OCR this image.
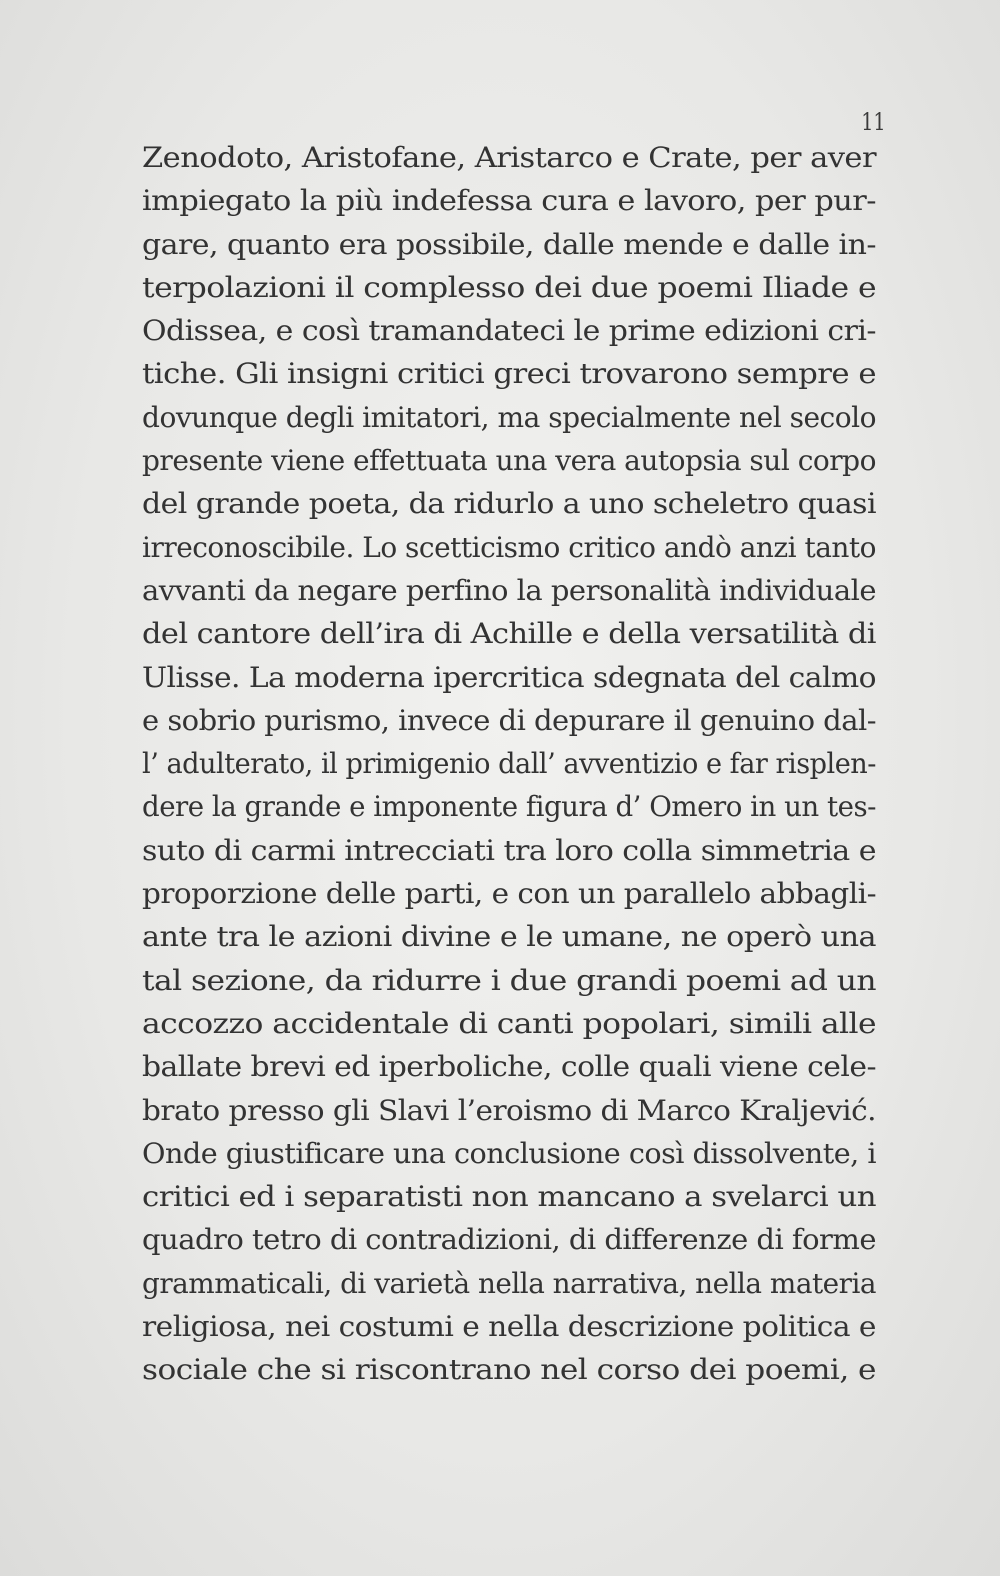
11
Zenodoto, Aristofane, Aristarco e Crate, per aver
impiegato la più indefessa cura e lavoro, per pur-
gare, quanto era possibile, dalle mende e dalle in-
terpolazioni il complesso dei due poemi Iliade e
Odissea, e così tramandateci le prime edizioni cri-
tiche. Gli insigni critici greci trovarono sempre e
dovunque degli imitatori, ma specialmente nel secolo
presente viene effettuata una vera autopsia sul corpo
del grande poeta, da ridurlo a uno scheletro quasi
irreconoscibile. Lo scetticismo critico andò anzi tanto
avvanti da negare perfino la personalità individuale
del cantore dell’ira di Achille e della versatilità di
Ulisse. La moderna ipercritica sdegnata del calmo
e sobrio purismo, invece di depurare il genuino dal-
l’ adulterato, il primigenio dall’ avventizio e far risplen-
dere la grande e imponente figura d’ Omero in un tes-
suto di carmi intrecciati tra loro colla simmetria e
proporzione delle parti, e con un parallelo abbagli-
ante tra le azioni divine e le umane, ne operò una
tal sezione, da ridurre i due grandi poemi ad un
accozzo accidentale di canti popolari, simili alle
ballate brevi ed iperboliche, colle quali viene cele-
brato presso gli Slavi l’eroismo di Marco Kraljević.
Onde giustificare una conclusione così dissolvente, i
critici ed i separatisti non mancano a svelarci un
quadro tetro di contradizioni, di differenze di forme
grammaticali, di varietà nella narrativa, nella materia
religiosa, nei costumi e nella descrizione politica e
sociale che si riscontrano nel corso dei poemi, e
